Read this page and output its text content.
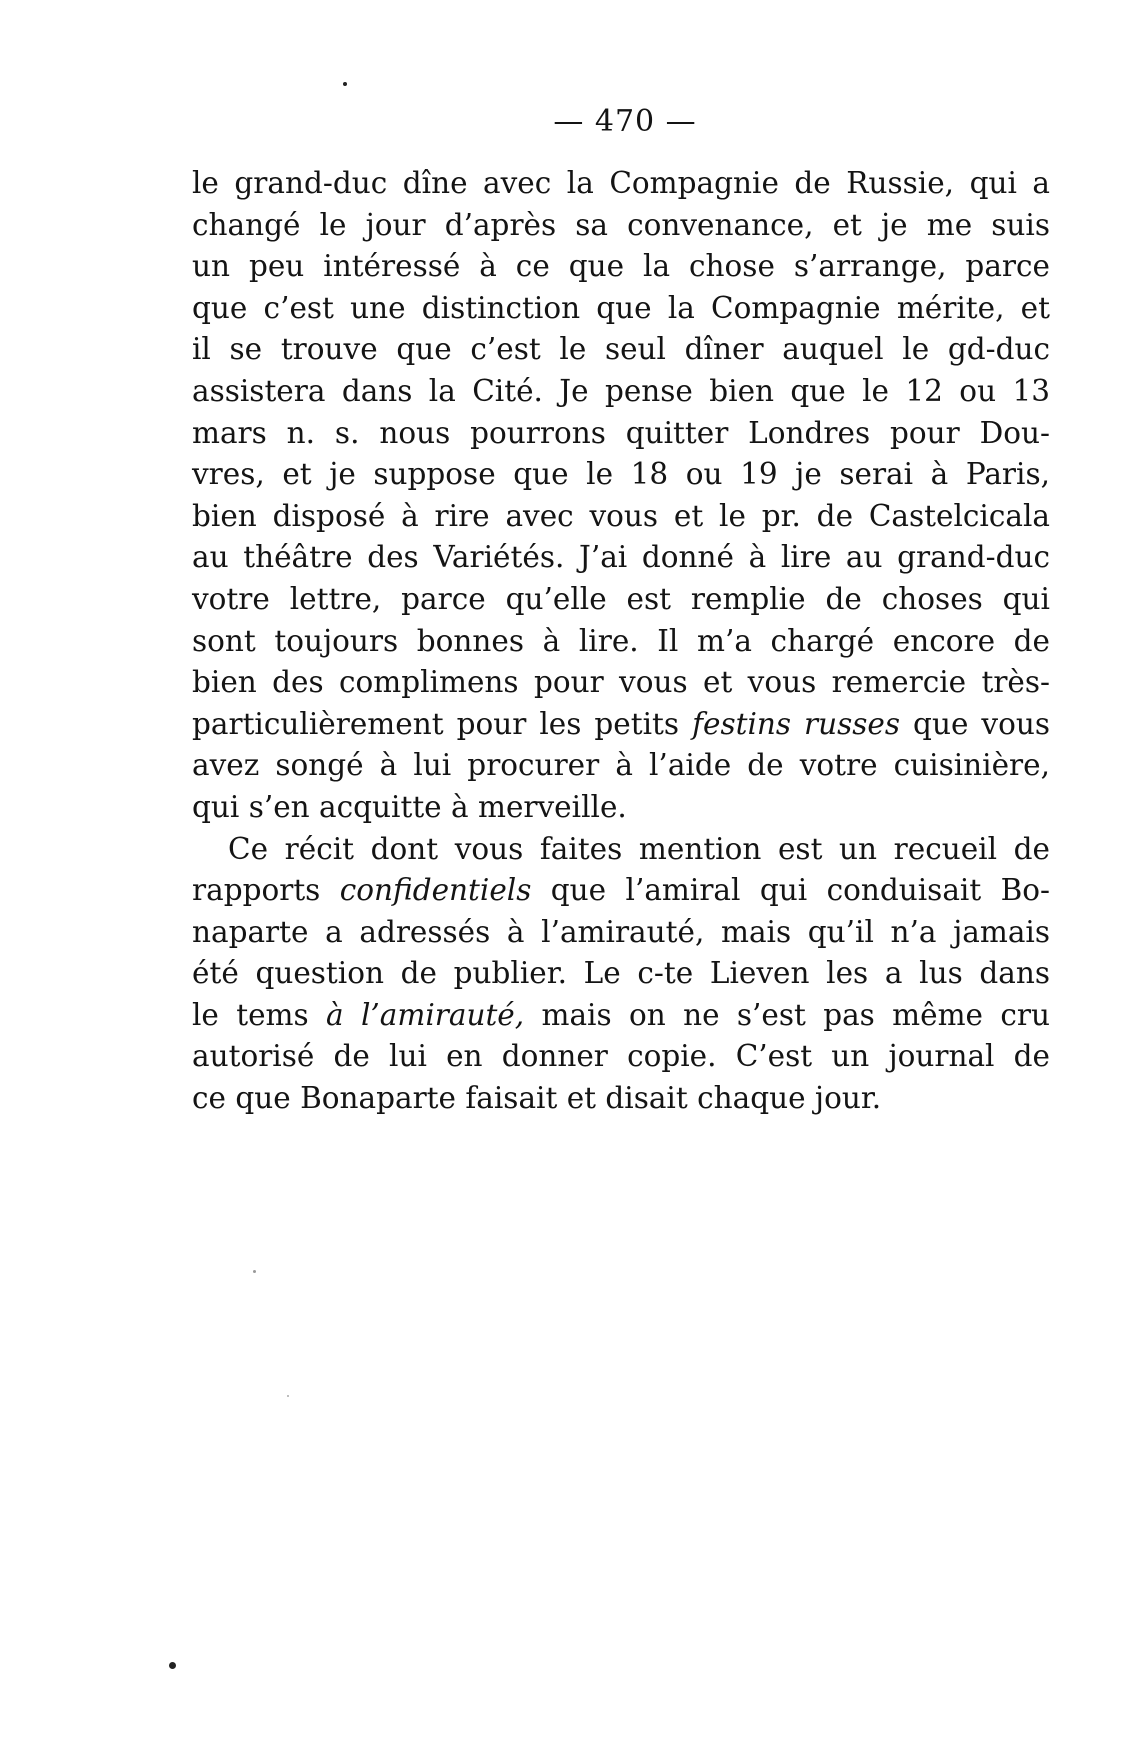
— 470 —
le grand-duc dîne avec la Compagnie de Russie, qui a
changé le jour d’après sa convenance, et je me suis
un peu intéressé à ce que la chose s’arrange, parce
que c’est une distinction que la Compagnie mérite, et
il se trouve que c’est le seul dîner auquel le gd-duc
assistera dans la Cité. Je pense bien que le 12 ou 13
mars n. s. nous pourrons quitter Londres pour Dou-
vres, et je suppose que le 18 ou 19 je serai à Paris,
bien disposé à rire avec vous et le pr. de Castelcicala
au théâtre des Variétés. J’ai donné à lire au grand-duc
votre lettre, parce qu’elle est remplie de choses qui
sont toujours bonnes à lire. Il m’a chargé encore de
bien des complimens pour vous et vous remercie très-
particulièrement pour les petits festins russes que vous
avez songé à lui procurer à l’aide de votre cuisinière,
qui s’en acquitte à merveille.
Ce récit dont vous faites mention est un recueil de
rapports confidentiels que l’amiral qui conduisait Bo-
naparte a adressés à l’amirauté, mais qu’il n’a jamais
été question de publier. Le c-te Lieven les a lus dans
le tems à l’amirauté, mais on ne s’est pas même cru
autorisé de lui en donner copie. C’est un journal de
ce que Bonaparte faisait et disait chaque jour.
